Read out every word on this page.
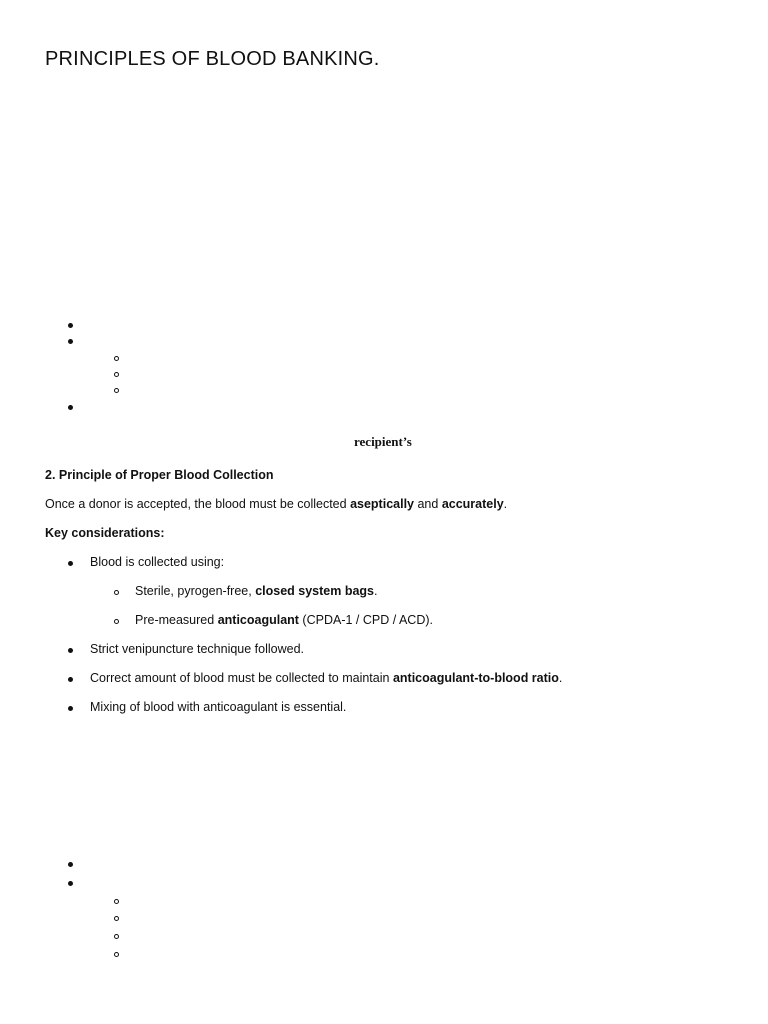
PRINCIPLES OF BLOOD BANKING.
recipient’s
2. Principle of Proper Blood Collection
Once a donor is accepted, the blood must be collected aseptically and accurately.
Key considerations:
Blood is collected using:
Sterile, pyrogen-free, closed system bags.
Pre-measured anticoagulant (CPDA-1 / CPD / ACD).
Strict venipuncture technique followed.
Correct amount of blood must be collected to maintain anticoagulant-to-blood ratio.
Mixing of blood with anticoagulant is essential.
